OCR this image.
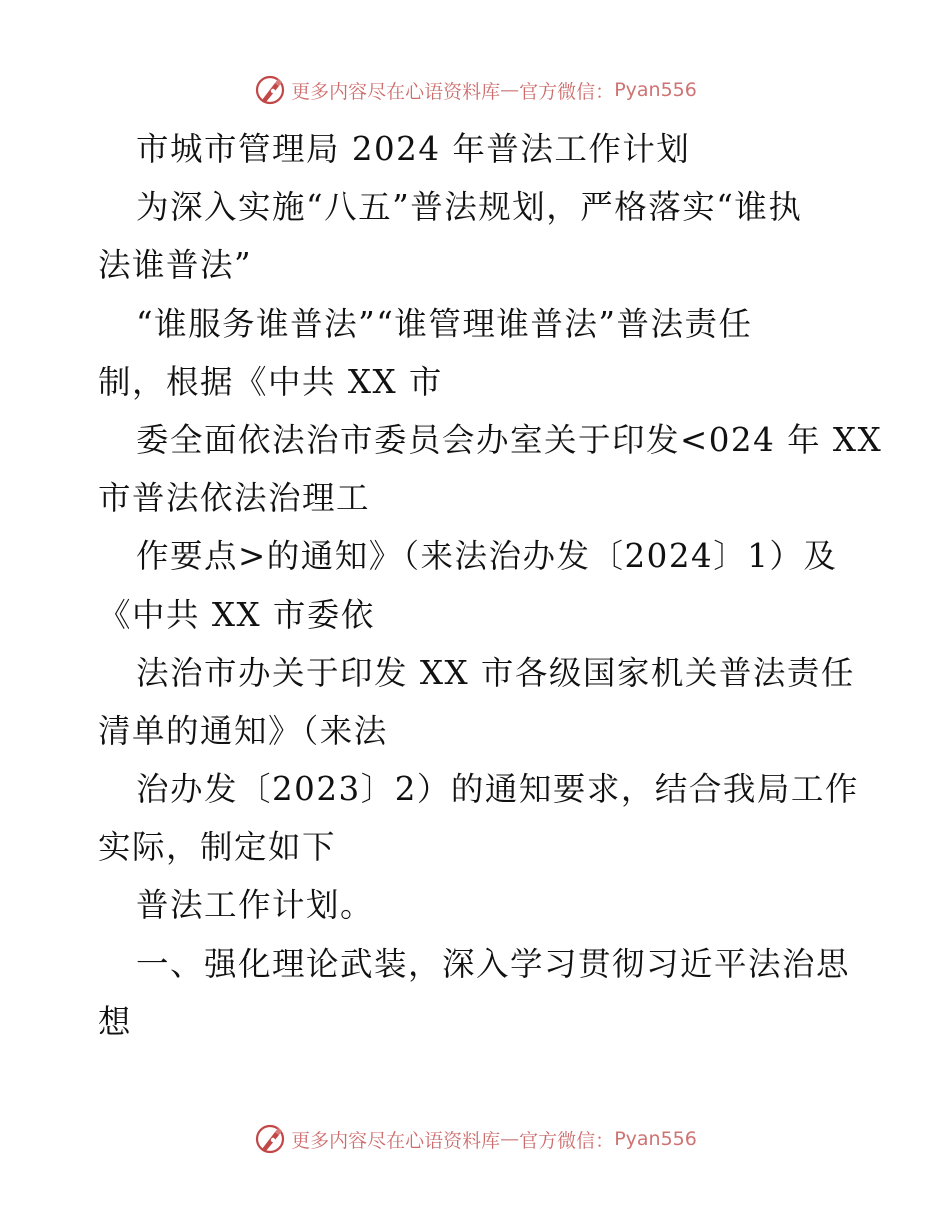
更多内容尽在心语资料库 — 官方微信： Pyan556
市城市管理局 2024 年普法工作计划
为深入实施“八五”普法规划，严格落实“谁执
法谁普法”
“谁服务谁普法”“谁管理谁普法”普法责任
制，根据《中共 XX 市
委全面依法治市委员会办室关于印发<024 年 XX
市普法依法治理工
作要点>的通知》（来法治办发〔2024〕1）及
《中共 XX 市委依
法治市办关于印发 XX 市各级国家机关普法责任
清单的通知》（来法
治办发〔2023〕2）的通知要求，结合我局工作
实际，制定如下
普法工作计划。
一、强化理论武装，深入学习贯彻习近平法治思
想
更多内容尽在心语资料库 — 官方微信： Pyan556
